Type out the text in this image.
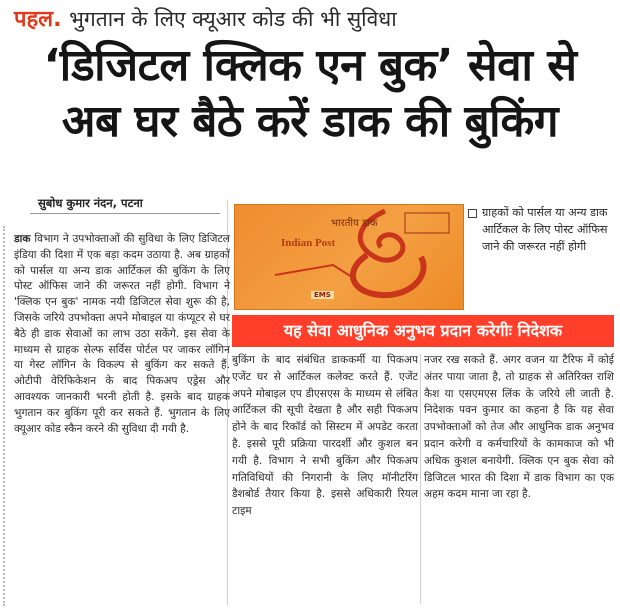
पहल. भुगतान के लिए क्यूआर कोड की भी सुविधा
‘डिजिटल क्लिक एन बुक’ सेवा से
अब घर बैठे करें डाक की बुकिंग
सुबोध कुमार नंदन, पटना
डाक विभाग ने उपभोक्ताओं की सुविधा के लिए डिजिटल इंडिया की दिशा में एक बड़ा कदम उठाया है. अब ग्राहकों को पार्सल या अन्य डाक आर्टिकल की बुकिंग के लिए पोस्ट ऑफिस जाने की जरूरत नहीं होगी. विभाग ने 'क्लिक एन बुक' नामक नयी डिजिटल सेवा शुरू की है, जिसके जरिये उपभोक्ता अपने मोबाइल या कंप्यूटर से घर बैठे ही डाक सेवाओं का लाभ उठा सकेंगे. इस सेवा के माध्यम से ग्राहक सेल्फ सर्विस पोर्टल पर जाकर लॉगिन या गेस्ट लॉगिन के विकल्प से बुकिंग कर सकते हैं. ओटीपी वेरिफिकेशन के बाद पिकअप एड्रेस और आवश्यक जानकारी भरनी होती है. इसके बाद ग्राहक भुगतान कर बुकिंग पूरी कर सकते हैं. भुगतान के लिए क्यूआर कोड स्कैन करने की सुविधा दी गयी है.
भारतीय डाक
Indian Post
EMS
ग्राहकों को पार्सल या अन्य डाक आर्टिकल के लिए पोस्ट ऑफिस जाने की जरूरत नहीं होगी
यह सेवा आधुनिक अनुभव प्रदान करेगीः निदेशक
बुकिंग के बाद संबंधित डाककर्मी या पिकअप एजेंट घर से आर्टिकल कलेक्ट करते हैं. एजेंट अपने मोबाइल एप डीएसएस के माध्यम से लंबित आर्टिकल की सूची देखता है और सही पिकअप होने के बाद रिकॉर्ड को सिस्टम में अपडेट करता है. इससे पूरी प्रक्रिया पारदर्शी और कुशल बन गयी है. विभाग ने सभी बुकिंग और पिकअप गतिविधियों की निगरानी के लिए मॉनीटरिंग डैशबोर्ड तैयार किया है. इससे अधिकारी रियल टाइम
नजर रख सकते हैं. अगर वजन या टैरिफ में कोई अंतर पाया जाता है, तो ग्राहक से अतिरिक्त राशि कैश या एसएमएस लिंक के जरिये ली जाती है. निदेशक पवन कुमार का कहना है कि यह सेवा उपभोक्ताओं को तेज और आधुनिक डाक अनुभव प्रदान करेगी व कर्मचारियों के कामकाज को भी अधिक कुशल बनायेगी. क्लिक एन बुक सेवा को डिजिटल भारत की दिशा में डाक विभाग का एक अहम कदम माना जा रहा है.
